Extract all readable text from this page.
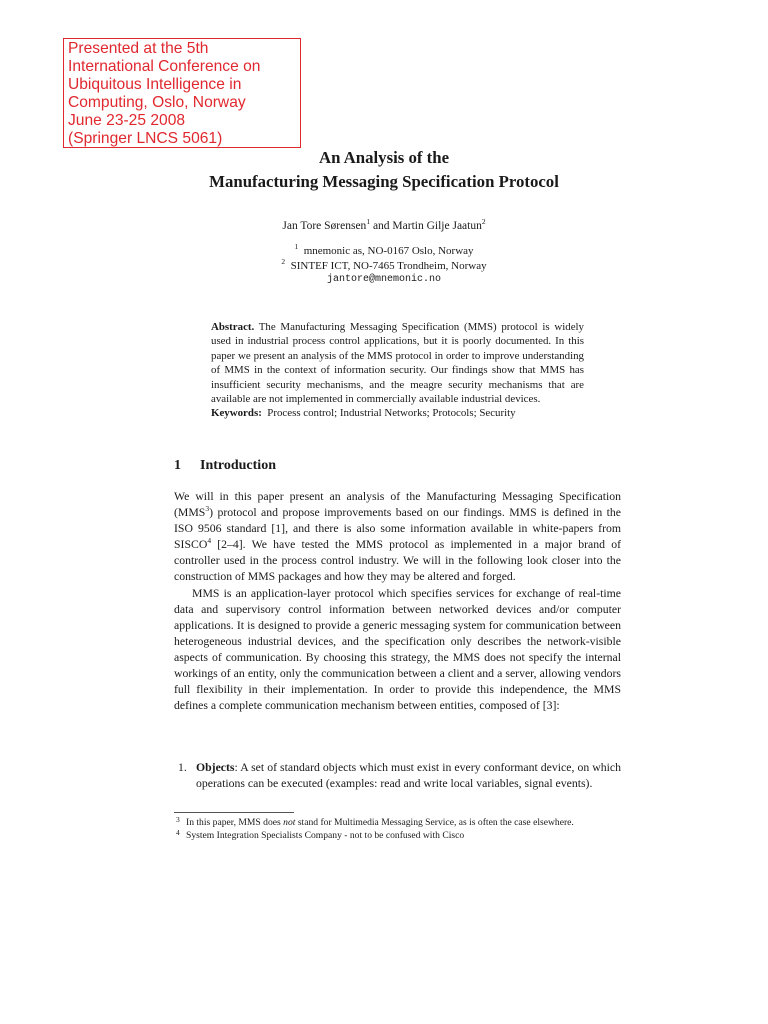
Presented at the 5th
International Conference on
Ubiquitous Intelligence in
Computing, Oslo, Norway
June 23-25 2008
(Springer LNCS 5061)
An Analysis of the
Manufacturing Messaging Specification Protocol
Jan Tore Sørensen$^1$ and Martin Gilje Jaatun$^2$
$^1$ mnemonic as, NO-0167 Oslo, Norway
$^2$ SINTEF ICT, NO-7465 Trondheim, Norway
jantore@mnemonic.no
Abstract. The Manufacturing Messaging Specification (MMS) protocol is widely used in industrial process control applications, but it is poorly documented. In this paper we present an analysis of the MMS protocol in order to improve understanding of MMS in the context of information security. Our findings show that MMS has insufficient security mechanisms, and the meagre security mechanisms that are available are not implemented in commercially available industrial devices.
Keywords: Process control; Industrial Networks; Protocols; Security
1 Introduction

We will in this paper present an analysis of the Manufacturing Messaging Specification (MMS$^3$) protocol and propose improvements based on our findings. MMS is defined in the ISO 9506 standard [1], and there is also some information available in white-papers from SISCO$^4$ [2–4]. We have tested the MMS protocol as implemented in a major brand of controller used in the process control industry. We will in the following look closer into the construction of MMS packages and how they may be altered and forged.

MMS is an application-layer protocol which specifies services for exchange of real-time data and supervisory control information between networked devices and/or computer applications. It is designed to provide a generic messaging system for communication between heterogeneous industrial devices, and the specification only describes the network-visible aspects of communication. By choosing this strategy, the MMS does not specify the internal workings of an entity, only the communication between a client and a server, allowing vendors full flexibility in their implementation. In order to provide this independence, the MMS defines a complete communication mechanism between entities, composed of [3]:

1. Objects: A set of standard objects which must exist in every conformant device, on which operations can be executed (examples: read and write local variables, signal events).
3 In this paper, MMS does not stand for Multimedia Messaging Service, as is often the case elsewhere.
4 System Integration Specialists Company - not to be confused with Cisco
